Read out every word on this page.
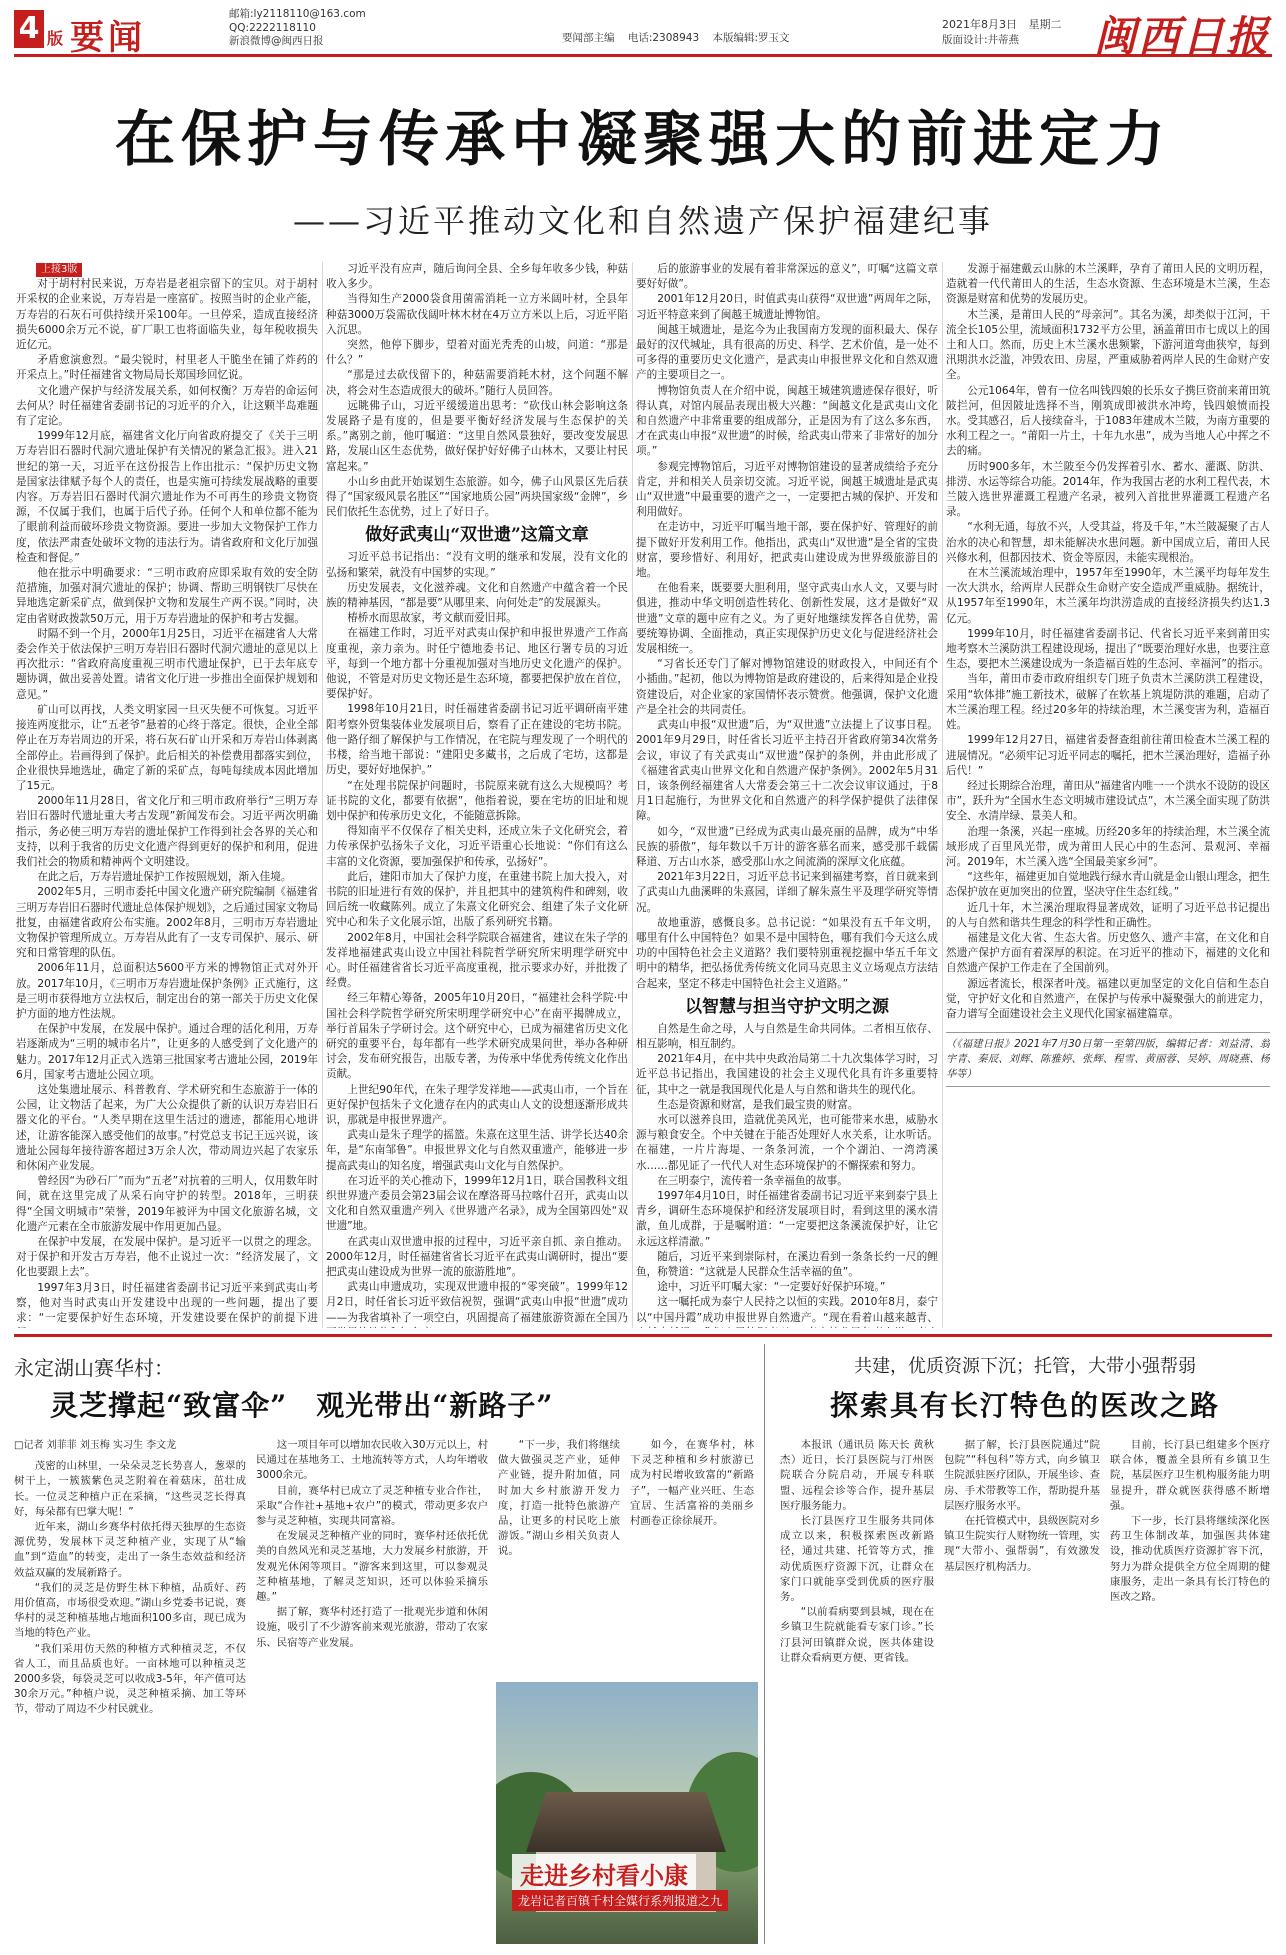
4 版 要闻
邮箱:ly2118110@163.com
QQ:2222118110
新浪微博@闽西日报	要闻部主编 电话:2308943 本版编辑:罗玉文
2021年8月3日 星期二
版面设计:井蒂燕 闽西日报
在保护与传承中凝聚强大的前进定力
——习近平推动文化和自然遗产保护福建纪事
上接3版

对于胡村村民来说，万寿岩是老祖宗留下的宝贝。对于胡村开采权的企业来说，万寿岩是一座富矿。按照当时的企业产能，万寿岩的石灰石可供持续开采100年。一旦停采，造成直接经济损失6000余万元不说，矿厂职工也将面临失业，每年税收损失近亿元。

矛盾愈演愈烈。“最尖锐时，村里老人干脆坐在铺了炸药的开采点上。”时任福建省文物局局长郑国珍回忆说。

文化遗产保护与经济发展关系，如何权衡？万寿岩的命运何去何从？时任福建省委副书记的习近平的介入，让这颗半岛难题有了定论。

1999年12月底，福建省文化厅向省政府提交了《关于三明万寿岩旧石器时代洞穴遗址保护有关情况的紧急汇报》。进入21世纪的第一天，习近平在这份报告上作出批示：“保护历史文物是国家法律赋予每个人的责任，也是实施可持续发展战略的重要内容。万寿岩旧石器时代洞穴遗址作为不可再生的珍贵文物资源，不仅属于我们，也属于后代子孙。任何个人和单位都不能为了眼前利益而破坏珍贵文物资源。要进一步加大文物保护工作力度，依法严肃查处破坏文物的违法行为。请省政府和文化厅加强检查和督促。”

他在批示中明确要求：“三明市政府应即采取有效的安全防范措施，加强对洞穴遗址的保护；协调、帮助三明钢铁厂尽快在异地选定新采矿点，做到保护文物和发展生产两不误。”同时，决定由省财政拨款50万元，用于万寿岩遗址的保护和考古发掘。

时隔不到一个月，2000年1月25日，习近平在福建省人大常委会作关于依法保护三明万寿岩旧石器时代洞穴遗址的意见以上再次批示：“省政府高度重视三明市代遗址保护，已于去年底专题协调，做出妥善处置。请省文化厅进一步推出全面保护规划和意见。”

矿山可以再找，人类文明家园一旦灭失便不可恢复。习近平接连两度批示，让“五老爷”悬着的心终于落定。很快，企业全部停止在万寿岩周边的开采，将石灰石矿山开采和万寿岩山体剥离全部停止。岩画得到了保护。此后相关的补偿费用都落实到位，企业很快异地选址，确定了新的采矿点，每吨每续成本因此增加了15元。

2000年11月28日，省文化厅和三明市政府举行“三明万寿岩旧石器时代遗址重大考古发现”新闻发布会。习近平两次明确指示，务必使三明万寿岩的遗址保护工作得到社会各界的关心和支持，以利于我省的历史文化遗产得到更好的保护和利用，促进我们社会的物质和精神两个文明建设。

在此之后，万寿岩遗址保护工作按照规划，渐入佳境。

2002年5月，三明市委托中国文化遗产研究院编制《福建省三明万寿岩旧石器时代遗址总体保护规划》，之后通过国家文物局批复，由福建省政府公布实施。2002年8月，三明市万寿岩遗址文物保护管理所成立。万寿岩从此有了一支专司保护、展示、研究和日常管理的队伍。

2006年11月，总面积达5600平方米的博物馆正式对外开放。2017年10月，《三明市万寿岩遗址保护条例》正式施行，这是三明市获得地方立法权后，制定出台的第一部关于历史文化保护方面的地方性法规。

在保护中发展，在发展中保护。通过合理的活化利用，万寿岩逐渐成为“三明的城市名片”，让更多的人感受到了文化遗产的魅力。2017年12月正式入选第三批国家考古遗址公园，2019年6月，国家考古遗址公园立项。

这处集遗址展示、科普教育、学术研究和生态旅游于一体的公园，让文物活了起来，为广大公众提供了新的认识万寿岩旧石器文化的平台。“人类早期在这里生活过的遗迹，都能用心地讲述，让游客能深入感受他们的故事。”村党总支书记王远兴说，该遗址公园每年接待游客超过3万余人次，带动周边兴起了农家乐和休闲产业发展。

曾经因“为砂石厂”而为“五老”对抗着的三明人，仅用数年时间，就在这里完成了从采石向守护的转型。2018年，三明获得“全国文明城市”荣誉，2019年被评为中国文化旅游名城，文化遗产元素在全市旅游发展中作用更加凸显。

在保护中发展，在发展中保护。是习近平一以贯之的理念。对于保护和开发古万寿岩，他不止说过一次：“经济发展了，文化也要跟上去”。

1997年3月3日，时任福建省委副书记习近平来到武夷山考察，他对当时武夷山开发建设中出现的一些问题，提出了要求：“一定要保护好生态环境，开发建设要在保护的前提下进

习近平没有应声，随后询问全县、全乡每年收多少钱，种菇收入多少。

当得知生产2000袋食用菌需消耗一立方米阔叶材，全县年种菇3000万袋需砍伐阔叶林木材在4万立方米以上后，习近平陷入沉思。

突然，他停下脚步，望着对面光秃秃的山坡，问道：“那是什么？”

“那是过去砍伐留下的，种菇需要消耗木材，这个问题不解决，将会对生态造成很大的破坏。”随行人员回答。

远眺佛子山，习近平缓缓道出思考：“砍伐山林会影响这条发展路子是有度的，但是要平衡好经济发展与生态保护的关系。”离别之前，他叮嘱道：“这里自然风景独好，要改变发展思路，发展山区生态优势，做好保护好好佛子山林木，又要让村民富起来。”

小山乡由此开始谋划生态旅游。如今，佛子山风景区先后获得了“国家级风景名胜区”“国家地质公园”两块国家级“金牌”，乡民们依托生态优势，过上了好日子。

做好武夷山“双世遗”这篇文章

习近平总书记指出：“没有文明的继承和发展，没有文化的弘扬和繁荣，就没有中国梦的实现。”

历史发展表，文化滋养魂。文化和自然遗产中蕴含着一个民族的精神基因，“都是要”从哪里来、向何处走”的发展源头。

椿桥水而思故家，考文献而爱旧邦。

在福建工作时，习近平对武夷山保护和申报世界遗产工作高度重视，亲力亲为。时任宁德地委书记、地区行署专员的习近平，每到一个地方都十分重视加强对当地历史文化遗产的保护。他说，不管是对历史文物还是生态环境，都要把保护放在首位，要保护好。

1998年10月21日，时任福建省委副书记习近平调研南平建阳考察外贸集装体业发展项目后，察看了正在建设的宅坊书院。他一路仔细了解保护与工作情况，在宅院与理发现了一个明代的书楼，给当地干部说：“建阳史多藏书，之后成了宅坊，这都是历史，要好好地保护。”

“在处理书院保护问题时，书院原来就有这么大规模吗？考证书院的文化，都要有依据”，他指着说，要在宅坊的旧址和规划中保护和传承历史文化，不能随意拆除。

得知南平不仅保存了相关史料，还成立朱子文化研究会，着力传承保护弘扬朱子文化，习近平语重心长地说：“你们有这么丰富的文化资源，要加强保护和传承，弘扬好”。

此后，建阳市加大了保护力度，在重建书院上加大投入，对书院的旧址进行有效的保护，并且把其中的建筑构件和碑刻，收回后统一收藏陈列。成立了朱熹文化研究会、组建了朱子文化研究中心和朱子文化展示馆，出版了系列研究书籍。

2002年8月，中国社会科学院联合福建省，建议在朱子学的发祥地福建武夷山设立中国社科院哲学研究所宋明理学研究中心。时任福建省省长习近平高度重视，批示要求办好，并批拨了经费。

经三年精心筹备，2005年10月20日，“福建社会科学院·中国社会科学院哲学研究所宋明理学研究中心”在南平揭牌成立，举行首届朱子学研讨会。这个研究中心，已成为福建省历史文化研究的重要平台，每年都有一些学术研究成果问世，举办各种研讨会，发布研究报告，出版专著，为传承中华优秀传统文化作出贡献。

上世纪90年代，在朱子理学发祥地——武夷山市，一个旨在更好保护包括朱子文化遗存在内的武夷山人文的设想逐渐形成共识，那就是申报世界遗产。

武夷山是朱子理学的摇篮。朱熹在这里生活、讲学长达40余年，是“东南邹鲁”。申报世界文化与自然双重遗产，能够进一步提高武夷山的知名度，增强武夷山文化与自然保护。

在习近平的关心推动下，1999年12月1日，联合国教科文组织世界遗产委员会第23届会议在摩洛哥马拉喀什召开，武夷山以文化和自然双重遗产列入《世界遗产名录》，成为全国第四处“双世遗”地。

在武夷山双世遗申报的过程中，习近平亲自抓、亲自推动。2000年12月，时任福建省省长习近平在武夷山调研时，提出“要把武夷山建设成为世界一流的旅游胜地”。

武夷山申遗成功，实现双世遗申报的“零突破”。1999年12月2日，时任省长习近平致信祝贺，强调“武夷山申报“世遗”成功——为我省填补了一项空白，巩固提高了福建旅游资源在全国乃

后的旅游事业的发展有着非常深远的意义”，叮嘱“这篇文章要好好做”。

2001年12月20日，时值武夷山获得“双世遗”两周年之际，习近平特意来到了闽越王城遗址博物馆。

闽越王城遗址，是迄今为止我国南方发现的面积最大、保存最好的汉代城址，具有很高的历史、科学、艺术价值，是一处不可多得的重要历史文化遗产，是武夷山申报世界文化和自然双遗产的主要项目之一。

博物馆负责人在介绍中说，闽越王城建筑遗迹保存很好，听得认真，对馆内展品表现出极大兴趣：“闽越文化是武夷山文化和自然遗产中非常重要的组成部分，正是因为有了这么多东西，才在武夷山申报“双世遗”的时候，给武夷山带来了非常好的加分项。”

参观完博物馆后，习近平对博物馆建设的显著成绩给予充分肯定，并和相关人员亲切交流。习近平说，闽越王城遗址是武夷山“双世遗”中最重要的遗产之一，一定要把古城的保护、开发和利用做好。

在走访中，习近平叮嘱当地干部，要在保护好、管理好的前提下做好开发利用工作。他指出，武夷山“双世遗”是全省的宝贵财富，要珍惜好、利用好，把武夷山建设成为世界级旅游目的地。

在他看来，既要要大胆利用，坚守武夷山水人文，又要与时俱进，推动中华文明创造性转化、创新性发展，这才是做好“双世遗”文章的题中应有之义。为了更好地继续发挥各自优势，需要统筹协调、全面推动，真正实现保护历史文化与促进经济社会发展相统一。

“习省长还专门了解对博物馆建设的财政投入，中间还有个小插曲。”起初，他以为博物馆是政府建设的，后来得知是企业投资建设后，对企业家的家国情怀表示赞赏。他强调，保护文化遗产是全社会的共同责任。

武夷山申报“双世遗”后，为“双世遗”立法提上了议事日程。2001年9月29日，时任省长习近平主持召开省政府第34次常务会议，审议了有关武夷山“双世遗”保护的条例，并由此形成了《福建省武夷山世界文化和自然遗产保护条例》。2002年5月31日，该条例经福建省人大常委会第三十二次会议审议通过，于8月1日起施行，为世界文化和自然遗产的科学保护提供了法律保障。

如今，“双世遗”已经成为武夷山最亮丽的品牌，成为“中华民族的骄傲”，每年数以千万计的游客慕名而来，感受那千载儒释道、万古山水茶，感受那山水之间流淌的深厚文化底蕴。

2021年3月22日，习近平总书记来到福建考察，首日就来到了武夷山九曲溪畔的朱熹园，详细了解朱熹生平及理学研究等情况。

故地重游，感慨良多。总书记说：“如果没有五千年文明，哪里有什么中国特色？如果不是中国特色，哪有我们今天这么成功的中国特色社会主义道路？我们要特别重视挖掘中华五千年文明中的精华，把弘扬优秀传统文化同马克思主义立场观点方法结合起来，坚定不移走中国特色社会主义道路。”

以智慧与担当守护文明之源

自然是生命之母，人与自然是生命共同体。二者相互依存、相互影响，相互制约。

2021年4月，在中共中央政治局第二十九次集体学习时，习近平总书记指出，我国建设的社会主义现代化具有许多重要特征，其中之一就是我国现代化是人与自然和谐共生的现代化。

生态是资源和财富，是我们最宝贵的财富。

水可以滋养良田，造就优美风光，也可能带来水患，威胁水源与粮食安全。个中关键在于能否处理好人水关系，让水听话。在福建，一片片海堤、一条条河流，一个个湖泊、一湾湾溪水……都见证了一代代人对生态环境保护的不懈探索和努力。

在三明泰宁，流传着一条幸福鱼的故事。

1997年4月10日，时任福建省委副书记习近平来到泰宁县上青乡，调研生态环境保护和经济发展项目时，看到这里的溪水清澈，鱼儿成群，于是嘱咐道：“一定要把这条溪流保护好，让它永远这样清澈。”

随后，习近平来到崇际村，在溪边看到一条条长约一尺的鲤鱼，称赞道：“这就是人民群众生活幸福的鱼”。

途中，习近平叮嘱大家：“一定要好好保护环境。”

这一嘱托成为泰宁人民持之以恒的实践。2010年8月，泰宁以“中国丹霞”成功申报世界自然遗产。“现在看着山越来越青、

发源于福建戴云山脉的木兰溪畔，孕育了莆田人民的文明历程，造就着一代代莆田人的生活，生态水资源、生态环境是木兰溪，生态资源是财富和优势的发展历史。

木兰溪，是莆田人民的“母亲河”。其名为溪，却类似于江河，干流全长105公里，流域面积1732平方公里，涵盖莆田市七成以上的国土和人口。然而，历史上木兰溪水患频繁，下游河道弯曲狭窄，每到汛期洪水泛滥，冲毁农田、房屋，严重威胁着两岸人民的生命财产安全。

公元1064年，曾有一位名叫钱四娘的长乐女子携巨资前来莆田筑陂拦河，但因陂址选择不当，刚筑成即被洪水冲垮，钱四娘愤而投水。受其感召，后人接续奋斗，于1083年建成木兰陂，为南方重要的水利工程之一。“莆阳一片土，十年九水患”，成为当地人心中挥之不去的痛。

历时900多年，木兰陂至今仍发挥着引水、蓄水、灌溉、防洪、排涝、水运等综合功能。2014年，作为我国古老的水利工程代表，木兰陂入选世界灌溉工程遗产名录，被列入首批世界灌溉工程遗产名录。

“水利无通，每放不兴，人受其益，将及千年，”木兰陂凝聚了古人治水的决心和智慧，却未能解决水患问题。新中国成立后，莆田人民兴修水利，但都因技术、资金等原因，未能实现根治。

在木兰溪流域治理中，1957年至1990年，木兰溪平均每年发生一次大洪水，给两岸人民群众生命财产安全造成严重威胁。据统计，从1957年至1990年，木兰溪年均洪涝造成的直接经济损失约达1.3亿元。

1999年10月，时任福建省委副书记、代省长习近平来到莆田实地考察木兰溪防洪工程建设现场，提出了“既要治理好水患，也要注意生态，要把木兰溪建设成为一条造福百姓的生态河、幸福河”的指示。

当年，莆田市委市政府组织专门班子负责木兰溪防洪工程建设，采用“软体排”施工新技术，破解了在软基上筑堤防洪的难题，启动了木兰溪治理工程。经过20多年的持续治理，木兰溪变害为利，造福百姓。

1999年12月27日，福建省委督查组前往莆田检查木兰溪工程的进展情况。“必须牢记习近平同志的嘱托，把木兰溪治理好，造福子孙后代！”

经过长期综合治理，莆田从“福建省内唯一一个洪水不设防的设区市”，跃升为“全国水生态文明城市建设试点”，木兰溪全面实现了防洪安全、水清岸绿、景美人和。

治理一条溪，兴起一座城。历经20多年的持续治理，木兰溪全流域形成了百里风光带，成为莆田人民心中的生态河、景观河、幸福河。2019年，木兰溪入选“全国最美家乡河”。

“这些年，福建更加自觉地践行绿水青山就是金山银山理念，把生态保护放在更加突出的位置，坚决守住生态红线。”

近几十年，木兰溪治理取得显著成效，证明了习近平总书记提出的人与自然和谐共生理念的科学性和正确性。

福建是文化大省、生态大省。历史悠久、遗产丰富，在文化和自然遗产保护方面有着深厚的积淀。在习近平的推动下，福建的文化和自然遗产保护工作走在了全国前列。

源远者流长，根深者叶茂。福建以更加坚定的文化自信和生态自觉，守护好文化和自然遗产，在保护与传承中凝聚强大的前进定力，奋力谱写全面建设社会主义现代化国家福建篇章。

（《福建日报》2021年7月30日第一至第四版，编辑记者：刘益清、翁宇青、秦辰、刘辉、陈雅婷、张辉、程雪、黄丽蓉、吴婷、周晓燕、杨华等）
永定湖山赛华村：
灵芝撑起“致富伞”　观光带出“新路子”
□记者 刘菲菲 刘玉梅 实习生 李文龙

茂密的山林里，一朵朵灵芝长势喜人，葱翠的树干上，一簇簇紫色灵芝附着在着菇床，茁壮成长。一位灵芝种植户正在采摘，“这些灵芝长得真好，每朵都有巴掌大呢！”

近年来，湖山乡赛华村依托得天独厚的生态资源优势，发展林下灵芝种植产业，实现了从“输血”到“造血”的转变，走出了一条生态效益和经济效益双赢的发展新路子。

“我们的灵芝是仿野生林下种植，品质好、药用价值高，市场很受欢迎。”湖山乡党委书记说，赛华村的灵芝种植基地占地面积100多亩，现已成为当地的特色产业。

“我们采用仿天然的种植方式种植灵芝，不仅省人工，而且品质也好。一亩林地可以种植灵芝2000多袋，每袋灵芝可以收成3-5年，年产值可达30余万元。”种植户说，灵芝种植采摘、加工等环节，带动了周边不少村民就业。

这一项目年可以增加农民收入30万元以上，村民通过在基地务工、土地流转等方式，人均年增收3000余元。

目前，赛华村已成立了灵芝种植专业合作社，采取“合作社+基地+农户”的模式，带动更多农户参与灵芝种植，实现共同富裕。

在发展灵芝种植产业的同时，赛华村还依托优美的自然风光和灵芝基地，大力发展乡村旅游，开发观光休闲等项目。“游客来到这里，可以参观灵芝种植基地，了解灵芝知识，还可以体验采摘乐趣。”

据了解，赛华村还打造了一批观光步道和休闲设施，吸引了不少游客前来观光旅游，带动了农家乐、民宿等产业发展。

“下一步，我们将继续做大做强灵芝产业，延伸产业链，提升附加值，同时加大乡村旅游开发力度，打造一批特色旅游产品，让更多的村民吃上旅游饭。”湖山乡相关负责人说。

如今，在赛华村，林下灵芝种植和乡村旅游已成为村民增收致富的“新路子”，一幅产业兴旺、生态宜居、生活富裕的美丽乡村画卷正徐徐展开。

走进乡村看小康
龙岩记者百镇千村全媒行系列报道之九
共建，优质资源下沉；托管，大带小强帮弱
探索具有长汀特色的医改之路

本报讯（通讯员 陈天长 黄秋杰）近日，长汀县医院与汀州医院联合分院启动，开展专科联盟、远程会诊等合作，提升基层医疗服务能力。

长汀县医疗卫生服务共同体成立以来，积极探索医改新路径，通过共建、托管等方式，推动优质医疗资源下沉，让群众在家门口就能享受到优质的医疗服务。

“以前看病要到县城，现在在乡镇卫生院就能看专家门诊。”长汀县河田镇群众说，医共体建设让群众看病更方便、更省钱。

据了解，长汀县医院通过“院包院”“科包科”等方式，向乡镇卫生院派驻医疗团队，开展坐诊、查房、手术带教等工作，帮助提升基层医疗服务水平。

在托管模式中，县级医院对乡镇卫生院实行人财物统一管理，实现“大带小、强帮弱”，有效激发基层医疗机构活力。

目前，长汀县已组建多个医疗联合体，覆盖全县所有乡镇卫生院，基层医疗卫生机构服务能力明显提升，群众就医获得感不断增强。

下一步，长汀县将继续深化医药卫生体制改革，加强医共体建设，推动优质医疗资源扩容下沉，努力为群众提供全方位全周期的健康服务，走出一条具有长汀特色的医改之路。
